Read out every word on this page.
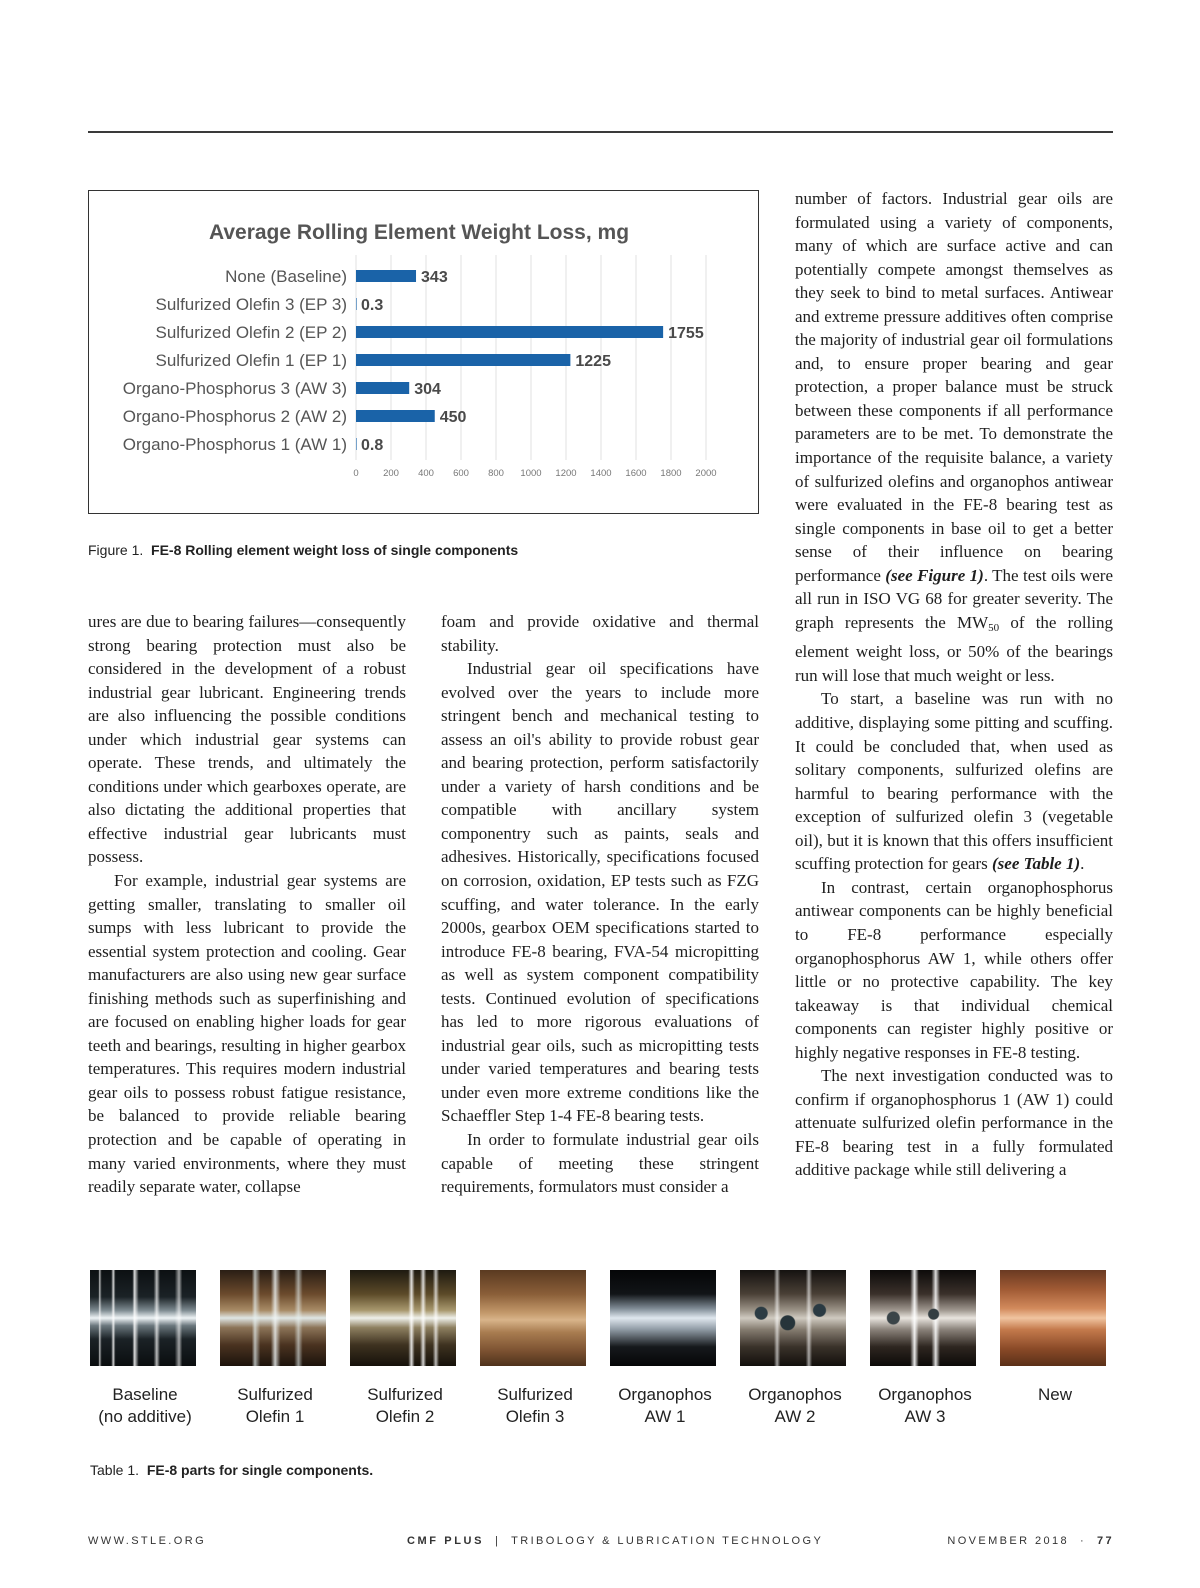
Average Rolling Element Weight Loss, mg
None (Baseline)
Sulfurized Olefin 3 (EP 3)
Sulfurized Olefin 2 (EP 2)
Sulfurized Olefin 1 (EP 1)
Organo-Phosphorus 3 (AW 3)
Organo-Phosphorus 2 (AW 2)
Organo-Phosphorus 1 (AW 1)
343
0.3
1755
1225
304
450
0.8
0	200 400 600 800 1000 1200 1400 1600 1800 2000
Figure 1. FE-8 Rolling element weight loss of single components

ures are due to bearing failures—consequently strong bearing protection must also be considered in the development of a robust industrial gear lubricant. Engineering trends are also influencing the possible conditions under which industrial gear systems can operate. These trends, and ultimately the conditions under which gearboxes operate, are also dictating the additional properties that effective industrial gear lubricants must possess.

For example, industrial gear systems are getting smaller, translating to smaller oil sumps with less lubricant to provide the essential system protection and cooling. Gear manufacturers are also using new gear surface finishing methods such as superfinishing and are focused on enabling higher loads for gear teeth and bearings, resulting in higher gearbox temperatures. This requires modern industrial gear oils to possess robust fatigue resistance, be balanced to provide reliable bearing protection and be capable of operating in many varied environments, where they must readily separate water, collapse

foam and provide oxidative and thermal stability.

Industrial gear oil specifications have evolved over the years to include more stringent bench and mechanical testing to assess an oil's ability to provide robust gear and bearing protection, perform satisfactorily under a variety of harsh conditions and be compatible with ancillary system componentry such as paints, seals and adhesives. Historically, specifications focused on corrosion, oxidation, EP tests such as FZG scuffing, and water tolerance. In the early 2000s, gearbox OEM specifications started to introduce FE-8 bearing, FVA-54 micropitting as well as system component compatibility tests. Continued evolution of specifications has led to more rigorous evaluations of industrial gear oils, such as micropitting tests under varied temperatures and bearing tests under even more extreme conditions like the Schaeffler Step 1-4 FE-8 bearing tests.

In order to formulate industrial gear oils capable of meeting these stringent requirements, formulators must consider a

number of factors. Industrial gear oils are formulated using a variety of components, many of which are surface active and can potentially compete amongst themselves as they seek to bind to metal surfaces. Antiwear and extreme pressure additives often comprise the majority of industrial gear oil formulations and, to ensure proper bearing and gear protection, a proper balance must be struck between these components if all performance parameters are to be met. To demonstrate the importance of the requisite balance, a variety of sulfurized olefins and organophos antiwear were evaluated in the FE-8 bearing test as single components in base oil to get a better sense of their influence on bearing performance (see Figure 1). The test oils were all run in ISO VG 68 for greater severity. The graph represents the $MW_{50}$ of the rolling element weight loss, or 50% of the bearings run will lose that much weight or less.

To start, a baseline was run with no additive, displaying some pitting and scuffing. It could be concluded that, when used as solitary components, sulfurized olefins are harmful to bearing performance with the exception of sulfurized olefin 3 (vegetable oil), but it is known that this offers insufficient scuffing protection for gears (see Table 1).

In contrast, certain organophosphorus antiwear components can be highly beneficial to FE-8 performance especially organophosphorus AW 1, while others offer little or no protective capability. The key takeaway is that individual chemical components can register highly positive or highly negative responses in FE-8 testing.

The next investigation conducted was to confirm if organophosphorus 1 (AW 1) could attenuate sulfurized olefin performance in the FE-8 bearing test in a fully formulated additive package while still delivering a

Baseline
(no additive)
Sulfurized
Olefin 1
Sulfurized
Olefin 2
Sulfurized
Olefin 3
Organophos
AW 1
Organophos
AW 2
Organophos
AW 3
New
Table 1. FE-8 parts for single components.
WWW.STLE.ORG	CMF PLUS | TRIBOLOGY & LUBRICATION TECHNOLOGY	NOVEMBER 2018 · 77
